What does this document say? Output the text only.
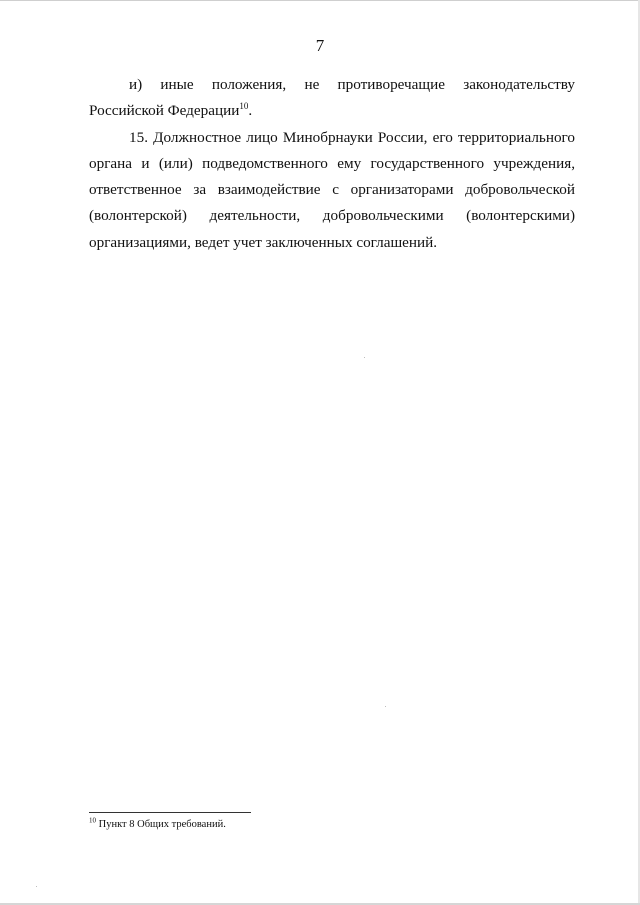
7

и) иные положения, не противоречащие законодательству Российской Федерации$^{10}$.

15. Должностное лицо Минобрнауки России, его территориального органа и (или) подведомственного ему государственного учреждения, ответственное за взаимодействие с организаторами добровольческой (волонтерской) деятельности, добровольческими (волонтерскими) организациями, ведет учет заключенных соглашений.

$^{10}$ Пункт 8 Общих требований.
